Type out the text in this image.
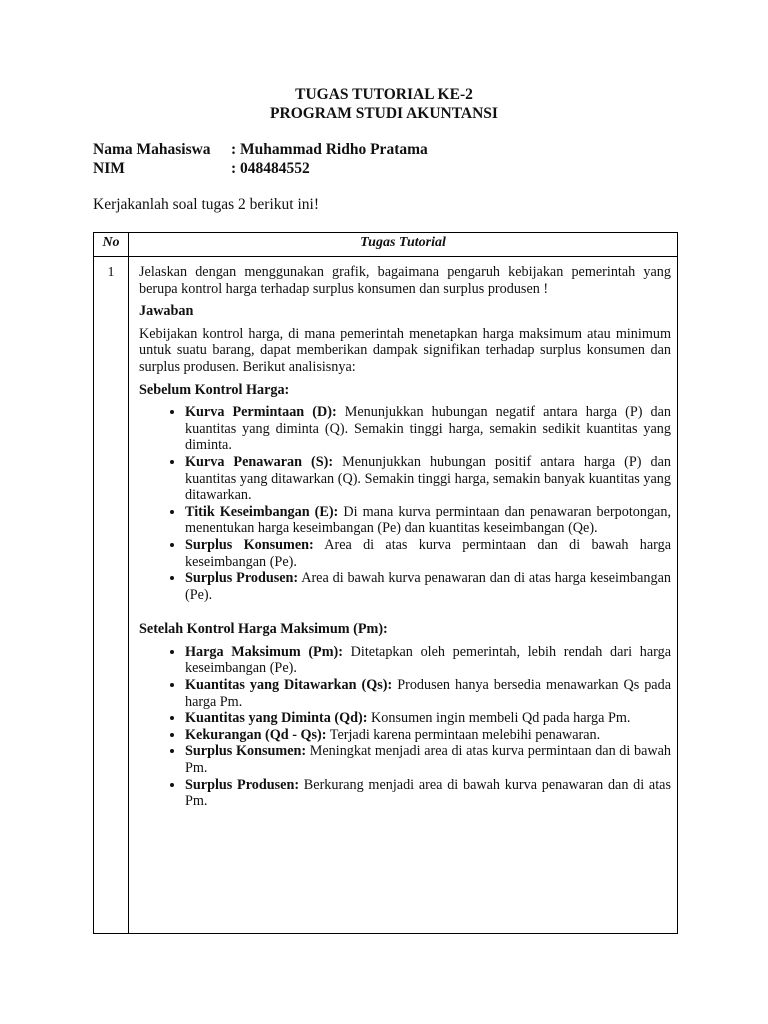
TUGAS TUTORIAL KE-2
PROGRAM STUDI AKUNTANSI
Nama Mahasiswa : Muhammad Ridho Pratama
NIM	: 048484552
Kerjakanlah soal tugas 2 berikut ini!
No	Tugas Tutorial
1	Jelaskan dengan menggunakan grafik, bagaimana pengaruh kebijakan pemerintah yang berupa kontrol harga terhadap surplus konsumen dan surplus produsen !

Jawaban

Kebijakan kontrol harga, di mana pemerintah menetapkan harga maksimum atau minimum untuk suatu barang, dapat memberikan dampak signifikan terhadap surplus konsumen dan surplus produsen. Berikut analisisnya:

Sebelum Kontrol Harga:

• Kurva Permintaan (D): Menunjukkan hubungan negatif antara harga (P) dan kuantitas yang diminta (Q). Semakin tinggi harga, semakin sedikit kuantitas yang diminta.
• Kurva Penawaran (S): Menunjukkan hubungan positif antara harga (P) dan kuantitas yang ditawarkan (Q). Semakin tinggi harga, semakin banyak kuantitas yang ditawarkan.
• Titik Keseimbangan (E): Di mana kurva permintaan dan penawaran berpotongan, menentukan harga keseimbangan (Pe) dan kuantitas keseimbangan (Qe).
• Surplus Konsumen: Area di atas kurva permintaan dan di bawah harga keseimbangan (Pe).
• Surplus Produsen: Area di bawah kurva penawaran dan di atas harga keseimbangan (Pe).

Setelah Kontrol Harga Maksimum (Pm):

• Harga Maksimum (Pm): Ditetapkan oleh pemerintah, lebih rendah dari harga keseimbangan (Pe).
• Kuantitas yang Ditawarkan (Qs): Produsen hanya bersedia menawarkan Qs pada harga Pm.
• Kuantitas yang Diminta (Qd): Konsumen ingin membeli Qd pada harga Pm.
• Kekurangan (Qd - Qs): Terjadi karena permintaan melebihi penawaran.
• Surplus Konsumen: Meningkat menjadi area di atas kurva permintaan dan di bawah Pm.
• Surplus Produsen: Berkurang menjadi area di bawah kurva penawaran dan di atas Pm.
